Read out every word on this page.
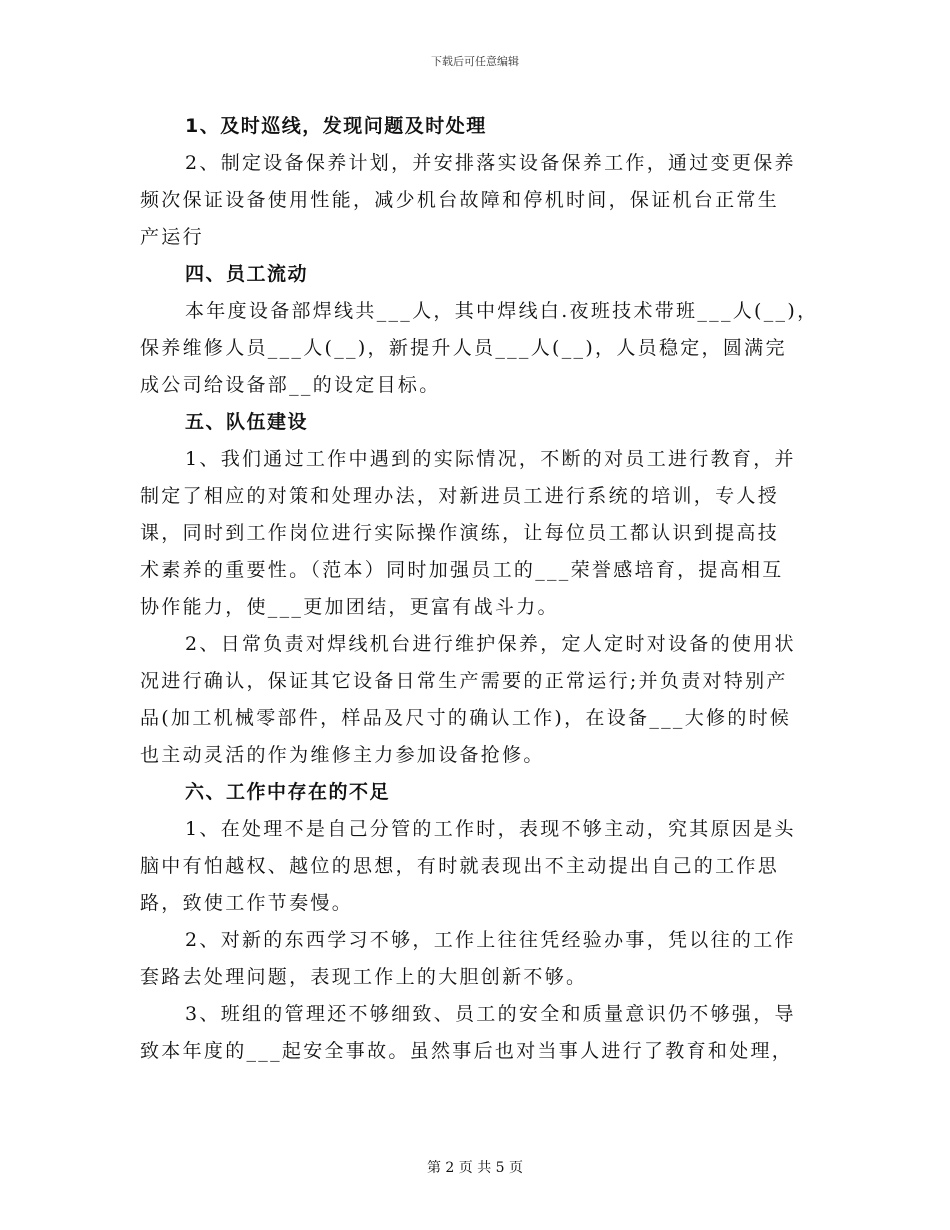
下载后可任意编辑
1、及时巡线，发现问题及时处理
2、制定设备保养计划，并安排落实设备保养工作，通过变更保养
频次保证设备使用性能，减少机台故障和停机时间，保证机台正常生
产运行
四、员工流动
本年度设备部焊线共___人，其中焊线白.夜班技术带班___人(__)，
保养维修人员___人(__)，新提升人员___人(__)，人员稳定，圆满完
成公司给设备部__的设定目标。
五、队伍建设
1、我们通过工作中遇到的实际情况，不断的对员工进行教育，并
制定了相应的对策和处理办法，对新进员工进行系统的培训，专人授
课，同时到工作岗位进行实际操作演练，让每位员工都认识到提高技
术素养的重要性。（范本）同时加强员工的___荣誉感培育，提高相互
协作能力，使___更加团结，更富有战斗力。
2、日常负责对焊线机台进行维护保养，定人定时对设备的使用状
况进行确认，保证其它设备日常生产需要的正常运行;并负责对特别产
品(加工机械零部件，样品及尺寸的确认工作)，在设备___大修的时候
也主动灵活的作为维修主力参加设备抢修。
六、工作中存在的不足
1、在处理不是自己分管的工作时，表现不够主动，究其原因是头
脑中有怕越权、越位的思想，有时就表现出不主动提出自己的工作思
路，致使工作节奏慢。
2、对新的东西学习不够，工作上往往凭经验办事，凭以往的工作
套路去处理问题，表现工作上的大胆创新不够。
3、班组的管理还不够细致、员工的安全和质量意识仍不够强，导
致本年度的___起安全事故。虽然事后也对当事人进行了教育和处理，
第 2 页 共 5 页
